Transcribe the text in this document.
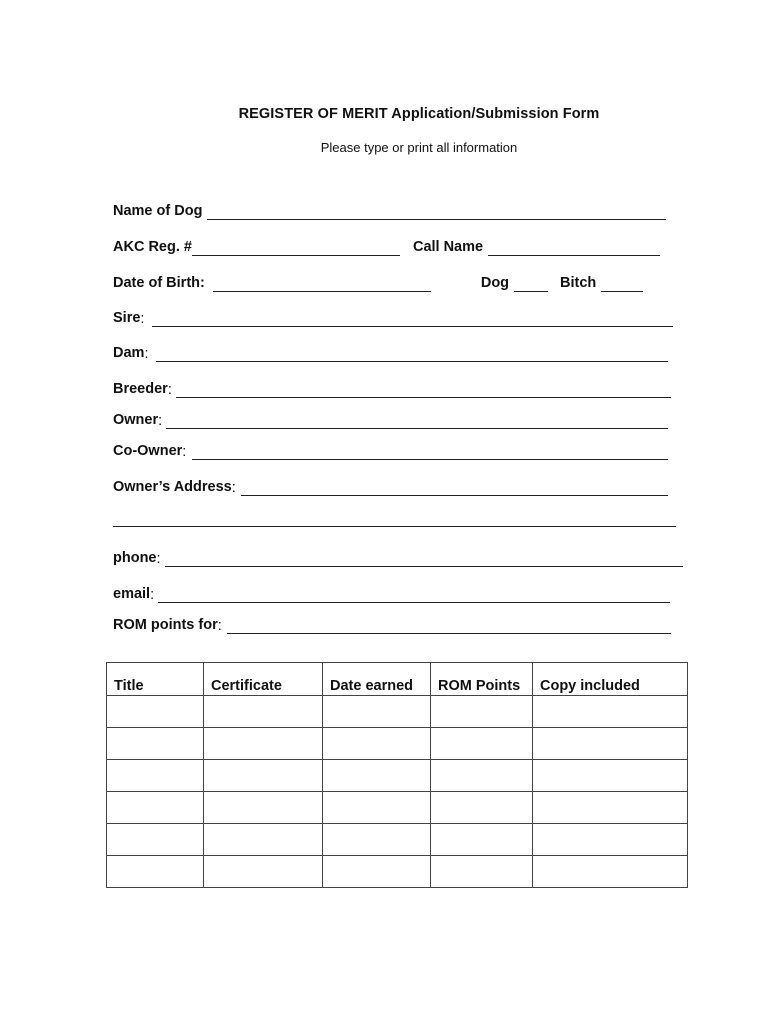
REGISTER OF MERIT Application/Submission Form
Please type or print all information
Name of Dog
AKC Reg. #	Call Name
Date of Birth:	Dog	Bitch
Sire :
Dam :
Breeder :
Owner :
Co-Owner :
Owner’s Address :
phone :
email :
ROM points for :
Title	Certificate	Date earned	ROM Points	Copy included
